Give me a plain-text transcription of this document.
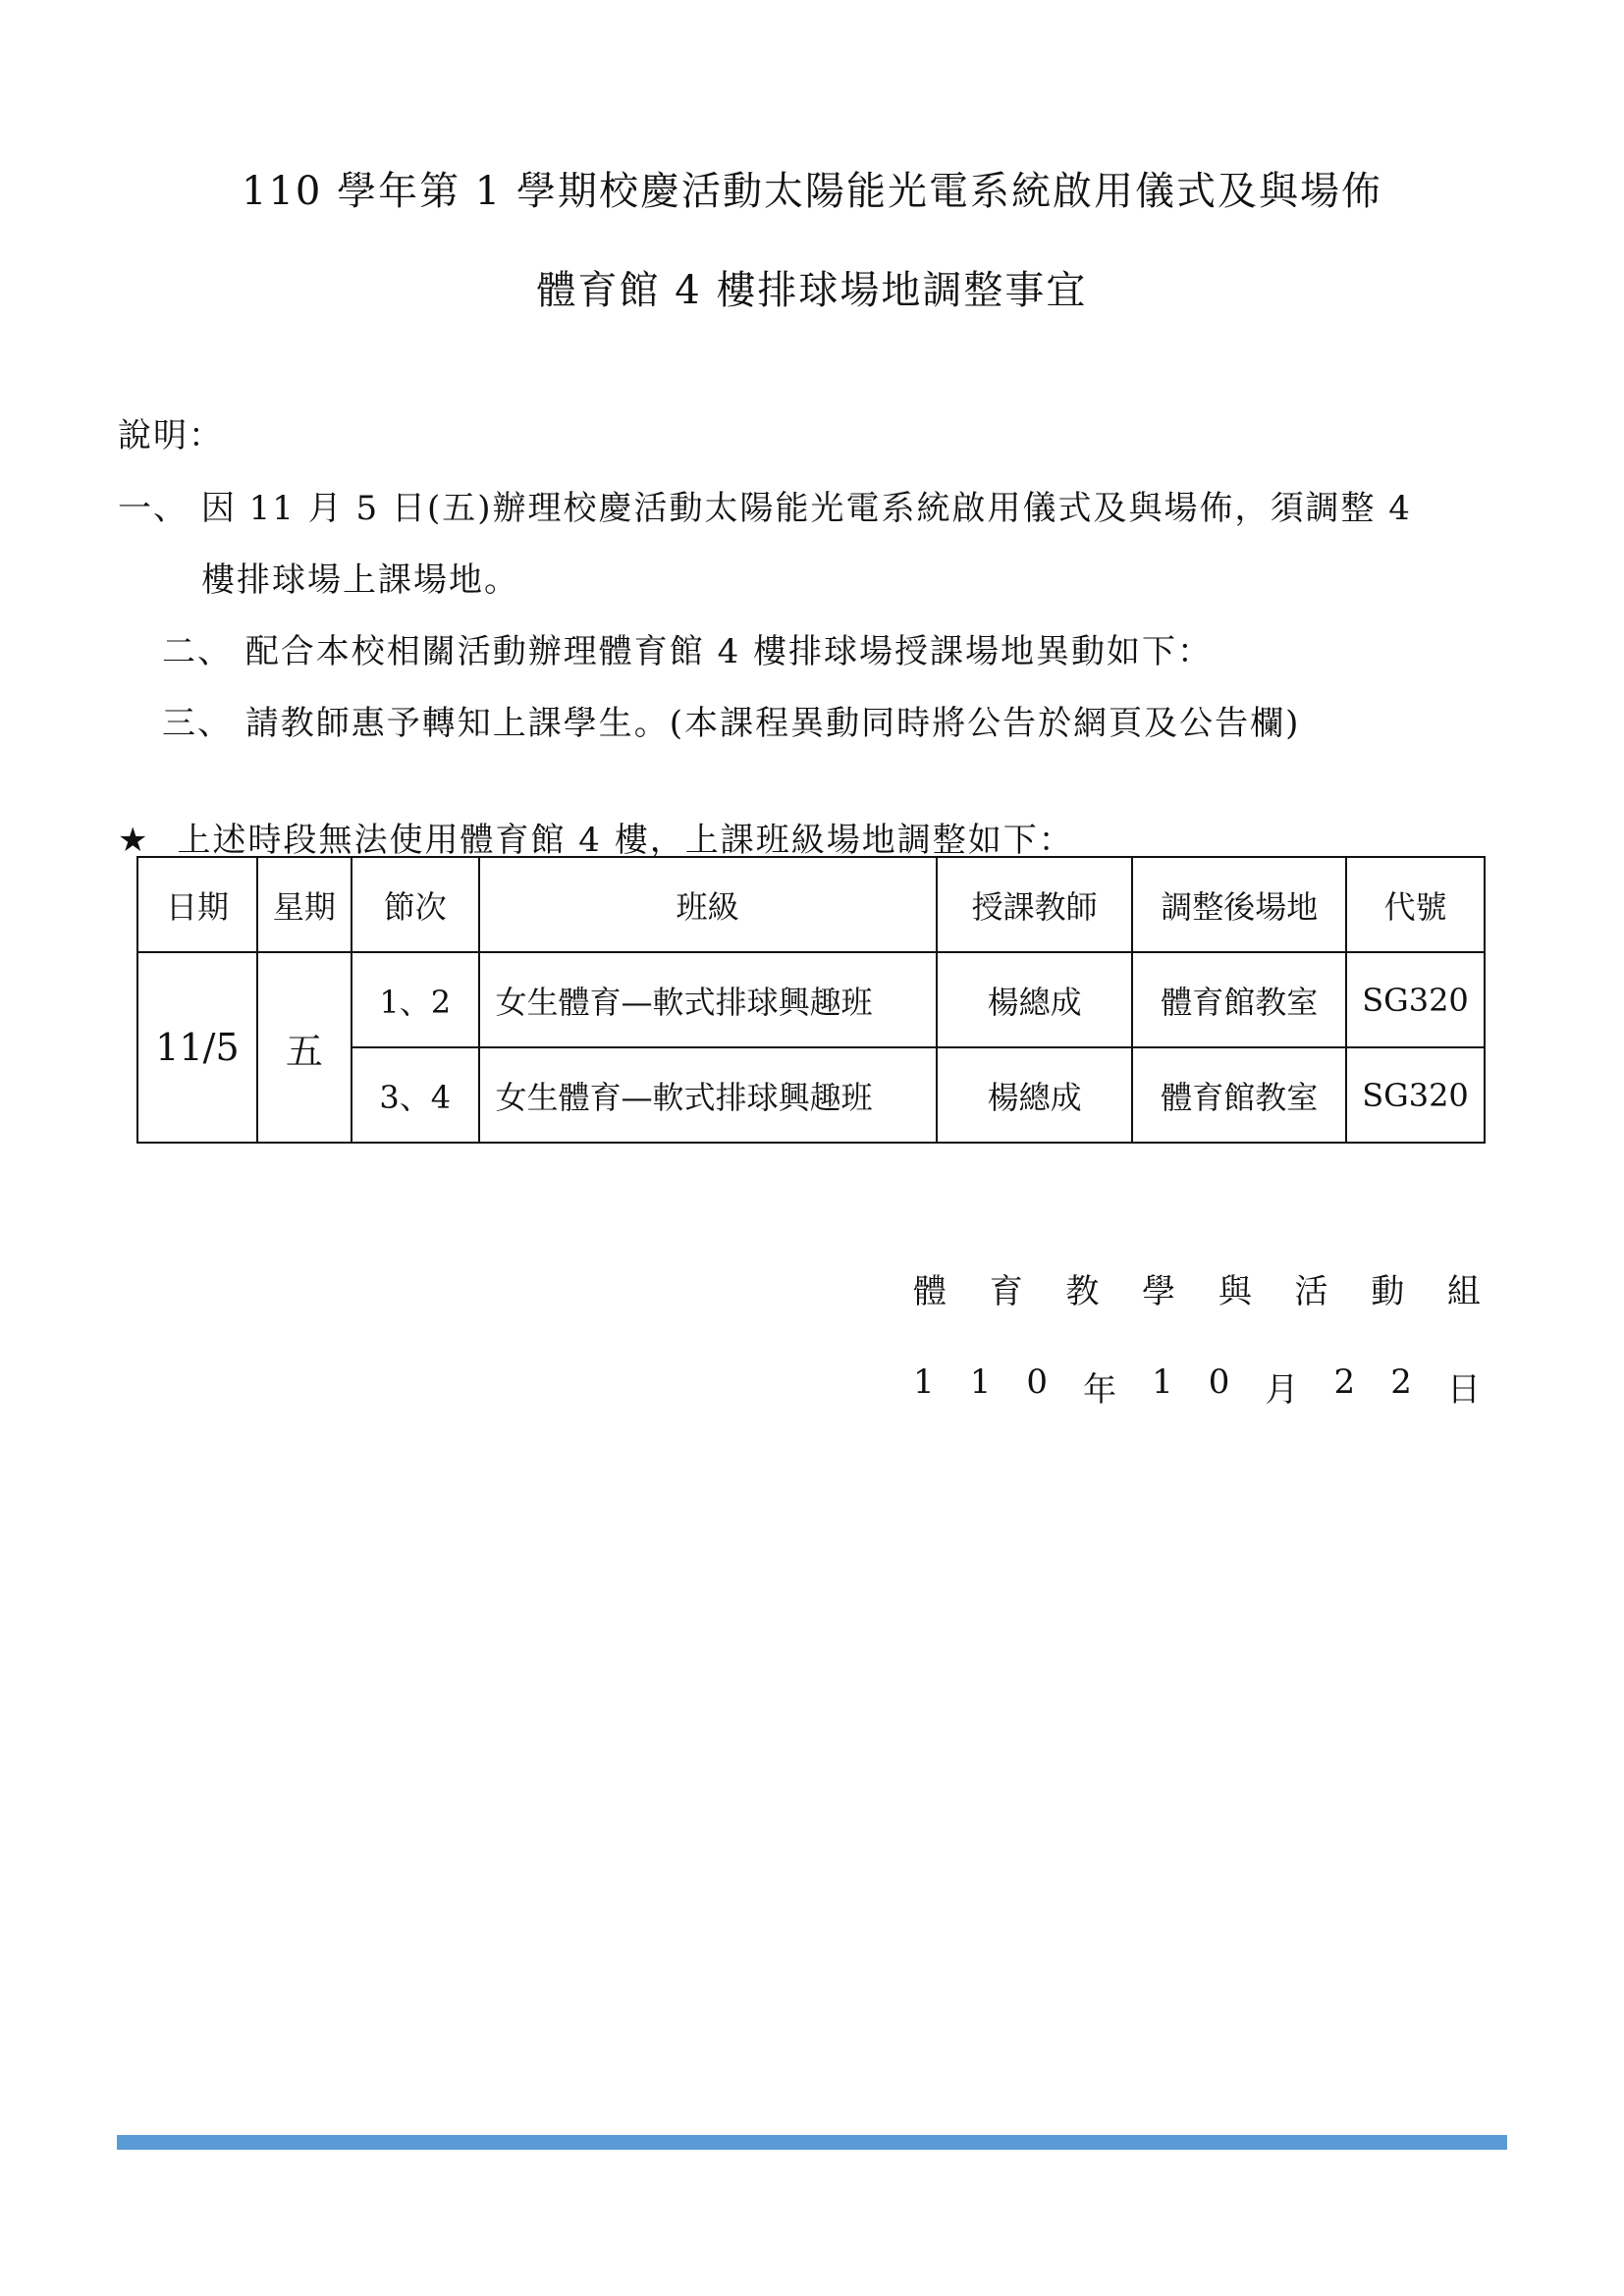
110 學年第 1 學期校慶活動太陽能光電系統啟用儀式及與場佈
體育館 4 樓排球場地調整事宜
說明：
一、 因 11 月 5 日(五)辦理校慶活動太陽能光電系統啟用儀式及與場佈，須調整 4
樓排球場上課場地。
二、 配合本校相關活動辦理體育館 4 樓排球場授課場地異動如下：
三、 請教師惠予轉知上課學生。(本課程異動同時將公告於網頁及公告欄)
★ 上述時段無法使用體育館 4 樓，上課班級場地調整如下：
日期	星期	節次	班級	授課教師	調整後場地	代號
11/5	五	1、2	女生體育—軟式排球興趣班	楊總成	體育館教室	SG320
		3、4	女生體育—軟式排球興趣班	楊總成	體育館教室	SG320
體 育 教 學 與 活 動 組
1 1 0 年 1 0 月 2 2 日
